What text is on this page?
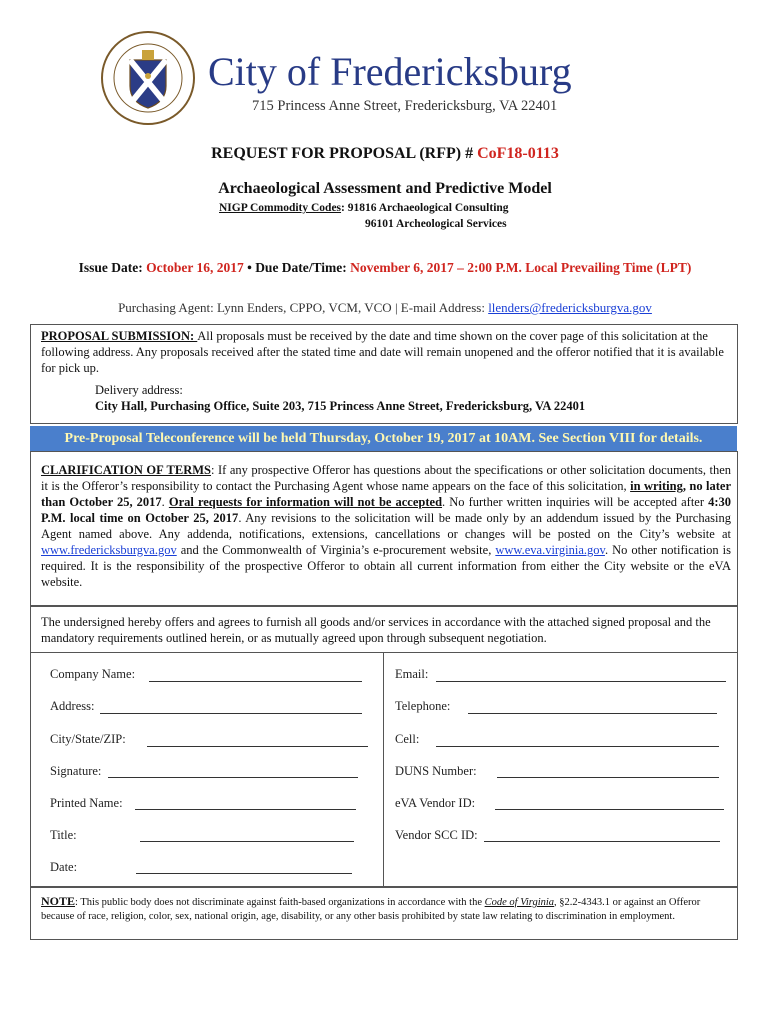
City of Fredericksburg
715 Princess Anne Street, Fredericksburg, VA 22401
REQUEST FOR PROPOSAL (RFP) # CoF18-0113
Archaeological Assessment and Predictive Model
NIGP Commodity Codes: 91816 Archaeological Consulting
96101 Archeological Services
Issue Date: October 16, 2017 • Due Date/Time: November 6, 2017 – 2:00 P.M. Local Prevailing Time (LPT)
Purchasing Agent: Lynn Enders, CPPO, VCM, VCO | E-mail Address: llenders@fredericksburgva.gov
PROPOSAL SUBMISSION: All proposals must be received by the date and time shown on the cover page of this solicitation at the following address. Any proposals received after the stated time and date will remain unopened and the offeror notified that it is available for pick up.
Delivery address:
City Hall, Purchasing Office, Suite 203, 715 Princess Anne Street, Fredericksburg, VA 22401
Pre-Proposal Teleconference will be held Thursday, October 19, 2017 at 10AM. See Section VIII for details.
CLARIFICATION OF TERMS: If any prospective Offeror has questions about the specifications or other solicitation documents, then it is the Offeror’s responsibility to contact the Purchasing Agent whose name appears on the face of this solicitation, in writing, no later than October 25, 2017. Oral requests for information will not be accepted. No further written inquiries will be accepted after 4:30 P.M. local time on October 25, 2017. Any revisions to the solicitation will be made only by an addendum issued by the Purchasing Agent named above. Any addenda, notifications, extensions, cancellations or changes will be posted on the City’s website at www.fredericksburgva.gov and the Commonwealth of Virginia’s e-procurement website, www.eva.virginia.gov. No other notification is required. It is the responsibility of the prospective Offeror to obtain all current information from either the City website or the eVA website.
The undersigned hereby offers and agrees to furnish all goods and/or services in accordance with the attached signed proposal and the mandatory requirements outlined herein, or as mutually agreed upon through subsequent negotiation.
Company Name:
Address:
City/State/ZIP:
Signature:
Printed Name:
Title:
Date:
Email:
Telephone:
Cell:
DUNS Number:
eVA Vendor ID:
Vendor SCC ID:
NOTE: This public body does not discriminate against faith-based organizations in accordance with the Code of Virginia, §2.2-4343.1 or against an Offeror because of race, religion, color, sex, national origin, age, disability, or any other basis prohibited by state law relating to discrimination in employment.
